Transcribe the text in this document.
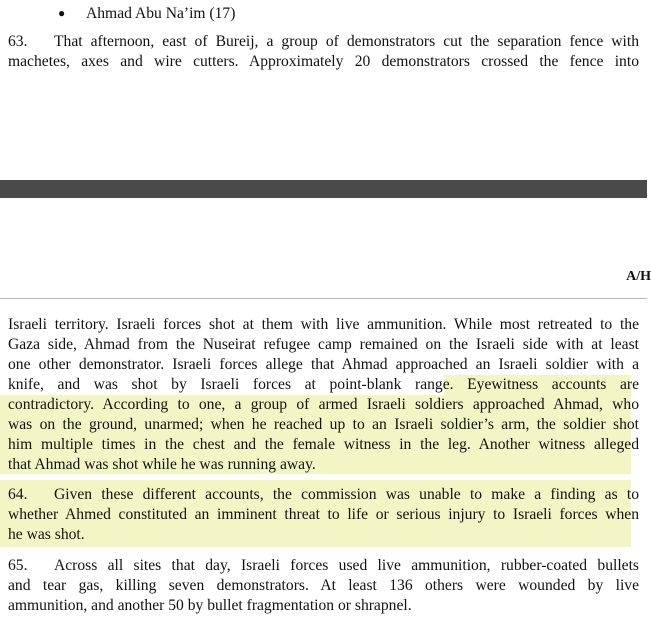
● Ahmad Abu Na’im (17)
63. That afternoon, east of Bureij, a group of demonstrators cut the separation fence with
machetes, axes and wire cutters. Approximately 20 demonstrators crossed the fence into
A/H
Israeli territory. Israeli forces shot at them with live ammunition. While most retreated to the
Gaza side, Ahmad from the Nuseirat refugee camp remained on the Israeli side with at least
one other demonstrator. Israeli forces allege that Ahmad approached an Israeli soldier with a
knife, and was shot by Israeli forces at point-blank range. Eyewitness accounts are
contradictory. According to one, a group of armed Israeli soldiers approached Ahmad, who
was on the ground, unarmed; when he reached up to an Israeli soldier’s arm, the soldier shot
him multiple times in the chest and the female witness in the leg. Another witness alleged
that Ahmad was shot while he was running away.
64. Given these different accounts, the commission was unable to make a finding as to
whether Ahmed constituted an imminent threat to life or serious injury to Israeli forces when
he was shot.
65. Across all sites that day, Israeli forces used live ammunition, rubber-coated bullets
and tear gas, killing seven demonstrators. At least 136 others were wounded by live
ammunition, and another 50 by bullet fragmentation or shrapnel.
